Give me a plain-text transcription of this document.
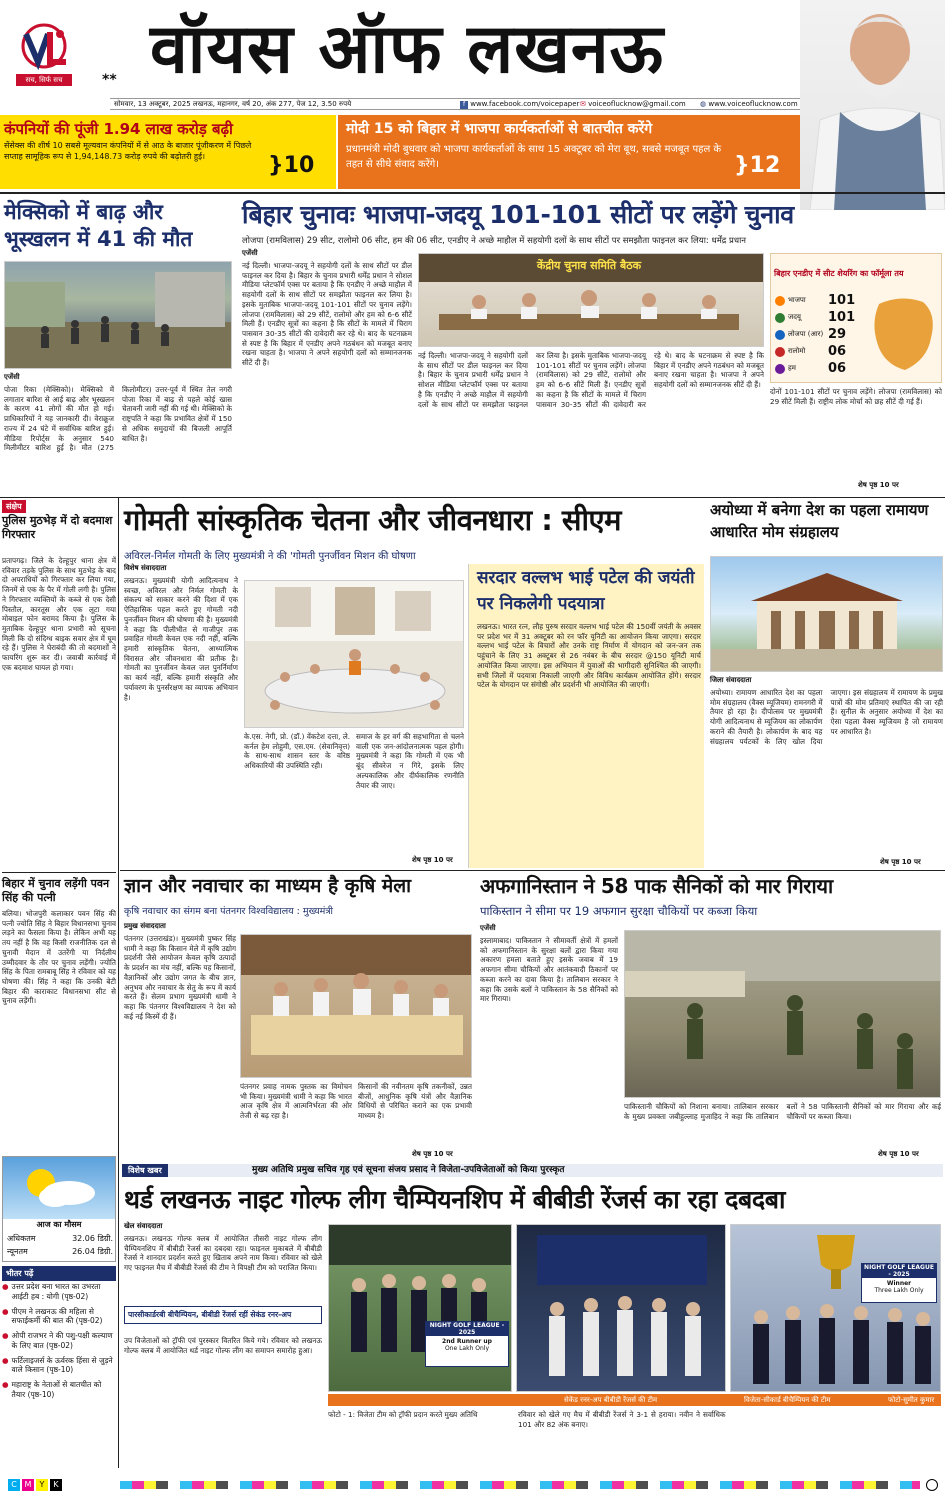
सच, सिर्फ सच	** वॉयस ऑफ लखनऊ
सोमवार, 13 अक्टूबर, 2025 लखनऊ, महानगर, वर्ष 20, अंक 277, पेज 12, 3.50 रुपये	f www.facebook.com/voicepaper ✉ voiceoflucknow@gmail.com ◍ www.voiceoflucknow.com
कंपनियों की पूंजी 1.94 लाख करोड़ बढ़ी
सेंसेक्स की शीर्ष 10 सबसे मूल्यवान कंपनियों में से आठ के बाजार पूंजीकरण में पिछले सप्ताह सामूहिक रूप से 1,94,148.73 करोड़ रुपये की बढ़ोतरी हुई।	}10
मोदी 15 को बिहार में भाजपा कार्यकर्ताओं से बातचीत करेंगे
प्रधानमंत्री मोदी बुधवार को भाजपा कार्यकर्ताओं के साथ 15 अक्टूबर को मेरा बूथ, सबसे मजबूत पहल के तहत से सीधे संवाद करेंगे।	}12
मेक्सिको में बाढ़ और भूस्खलन में 41 की मौत
एजेंसी
पोजा रिका (मेक्सिको)। मेक्सिको में लगातार बारिश से आई बाढ़ और भूस्खलन के कारण 41 लोगों की मौत हो गई। प्राधिकारियों ने यह जानकारी दी। वेराक्रूज राज्य में 24 घंटे में सर्वाधिक बारिश हुई। मीडिया रिपोर्ट्स के अनुसार 540 मिलीमीटर बारिश हुई है। मौत (275 किलोमीटर) उत्तर-पूर्व में स्थित तेल नगरी पोजा रिका में बाढ़ से पहले कोई खास चेतावनी जारी नहीं की गई थी। मेक्सिको के राष्ट्रपति ने कहा कि प्रभावित क्षेत्रों में 150 से अधिक समुदायों की बिजली आपूर्ति बाधित है।
बिहार चुनावः भाजपा-जदयू 101-101 सीटों पर लड़ेंगे चुनाव
लोजपा (रामविलास) 29 सीट, रालोमो 06 सीट, हम की 06 सीट, एनडीए ने अच्छे माहौल में सहयोगी दलों के साथ सीटों पर समझौता फाइनल कर लिया: धर्मेंद्र प्रधान
एजेंसी
केंद्रीय चुनाव समिति बैठक
नई दिल्ली। भाजपा-जदयू ने सहयोगी दलों के साथ सीटों पर डील फाइनल कर दिया है। बिहार के चुनाव प्रभारी धर्मेंद्र प्रधान ने सोशल मीडिया प्लेटफॉर्म एक्स पर बताया है कि एनडीए ने अच्छे माहौल में सहयोगी दलों के साथ सीटों पर समझौता फाइनल कर लिया है। इसके मुताबिक भाजपा-जदयू 101-101 सीटों पर चुनाव लड़ेंगे। लोजपा (रामविलास) को 29 सीटें, रालोमो और हम को 6-6 सीटें मिली हैं। एनडीए सूत्रों का कहना है कि सीटों के मामले में चिराग पासवान 30-35 सीटों की दावेदारी कर रहे थे। बाद के घटनाक्रम से स्पष्ट है कि बिहार में एनडीए अपने गठबंधन को मजबूत बनाए रखना चाहता है। भाजपा ने अपने सहयोगी दलों को सम्मानजनक सीटें दी हैं।
नई दिल्ली। भाजपा-जदयू ने सहयोगी दलों के साथ सीटों पर डील फाइनल कर दिया है। बिहार के चुनाव प्रभारी धर्मेंद्र प्रधान ने सोशल मीडिया प्लेटफॉर्म एक्स पर बताया है कि एनडीए ने अच्छे माहौल में सहयोगी दलों के साथ सीटों पर समझौता फाइनल कर लिया है। इसके मुताबिक भाजपा-जदयू 101-101 सीटों पर चुनाव लड़ेंगे। लोजपा (रामविलास) को 29 सीटें, रालोमो और हम को 6-6 सीटें मिली हैं। एनडीए सूत्रों का कहना है कि सीटों के मामले में चिराग पासवान 30-35 सीटों की दावेदारी कर रहे थे। बाद के घटनाक्रम से स्पष्ट है कि बिहार में एनडीए अपने गठबंधन को मजबूत बनाए रखना चाहता है। भाजपा ने अपने सहयोगी दलों को सम्मानजनक सीटें दी हैं।
बिहार एनडीए में सीट शेयरिंग का फॉर्मूला तय
भाजपा	101
जदयू	101
लोजपा (आर) 29
रालोमो	06
हम	06
दोनों 101-101 सीटों पर चुनाव लड़ेंगे। लोजपा (रामविलास) को 29 सीटें मिली हैं। राष्ट्रीय लोक मोर्चा को छह सीटें दी गई हैं।
शेष पृष्ठ 10 पर
संक्षेप
पुलिस मुठभेड़ में दो बदमाश गिरफ्तार
प्रतापगढ़। जिले के देल्हूपुर थाना क्षेत्र में रविवार तड़के पुलिस के साथ मुठभेड़ के बाद दो अपराधियों को गिरफ्तार कर लिया गया, जिनमें से एक के पैर में गोली लगी है। पुलिस ने गिरफ्तार व्यक्तियों के कब्जे से एक देसी पिस्तौल, कारतूस और एक लूटा गया मोबाइल फोन बरामद किया है। पुलिस के मुताबिक देल्हूपुर थाना प्रभारी को सूचना मिली कि दो संदिग्ध बाइक सवार क्षेत्र में घूम रहे हैं। पुलिस ने घेराबंदी की तो बदमाशों ने फायरिंग शुरू कर दी। जवाबी कार्रवाई में एक बदमाश घायल हो गया।
बिहार में चुनाव लड़ेंगी पवन सिंह की पत्नी
बलिया। भोजपुरी कलाकार पवन सिंह की पत्नी ज्योति सिंह ने बिहार विधानसभा चुनाव लड़ने का फैसला किया है। लेकिन अभी यह तय नहीं है कि वह किसी राजनीतिक दल से चुनावी मैदान में उतरेंगी या निर्दलीय उम्मीदवार के तौर पर चुनाव लड़ेंगी। ज्योति सिंह के पिता रामबाबू सिंह ने रविवार को यह घोषणा की। सिंह ने कहा कि उनकी बेटी बिहार की काराकाट विधानसभा सीट से चुनाव लड़ेंगी।
आज का मौसम
अधिकतम	32.06 डिग्री.
न्यूनतम	26.04 डिग्री.
भीतर पढ़ें
● उत्तर प्रदेश बना भारत का उभरता आईटी हब : योगी (पृष्ठ-02)
● पीएम ने लखनऊ की महिला से सफाईकर्मी की बात की (पृष्ठ-02)
● ओपी राजभर ने की पशु-पक्षी कल्याण के लिए बात (पृष्ठ-02)
● फर्टिलाइजर्स के ऊर्वरक हिंसा से जुड़ने वाले किसान (पृष्ठ-10)
● महाराष्ट्र के नेताओं से बातचीत को तैयार (पृष्ठ-10)
गोमती सांस्कृतिक चेतना और जीवनधारा : सीएम
अविरल-निर्मल गोमती के लिए मुख्यमंत्री ने की 'गोमती पुनर्जीवन मिशन की घोषणा
विशेष संवाददाता
लखनऊ। मुख्यमंत्री योगी आदित्यनाथ ने स्वच्छ, अविरल और निर्मल गोमती के संकल्प को साकार करने की दिशा में एक ऐतिहासिक पहल करते हुए गोमती नदी पुनर्जीवन मिशन की घोषणा की है। मुख्यमंत्री ने कहा कि पीलीभीत से गाजीपुर तक प्रवाहित गोमती केवल एक नदी नहीं, बल्कि हमारी सांस्कृतिक चेतना, आध्यात्मिक विरासत और जीवनधारा की प्रतीक है। गोमती का पुनर्जीवन केवल जल पुनर्निर्माण का कार्य नहीं, बल्कि हमारी संस्कृति और पर्यावरण के पुनर्संरक्षण का व्यापक अभियान है।
के.एस. नेगी, प्रो. (डॉ.) वेंकटेश दत्ता, ले. कर्नल हेम लोहुमी, एस.एम. (सेवानिवृत्त) के साथ-साथ शासन स्तर के वरिष्ठ अधिकारियों की उपस्थिति रही।
समाज के हर वर्ग की सहभागिता से चलने वाली एक जन-आंदोलनात्मक पहल होगी। मुख्यमंत्री ने कहा कि गोमती में एक भी बूंद सीवरेज न गिरे, इसके लिए अल्पकालिक और दीर्घकालिक रणनीति तैयार की जाए।
शेष पृष्ठ 10 पर
सरदार वल्लभ भाई पटेल की जयंती पर निकलेगी पदयात्रा
लखनऊ। भारत रत्न, लौह पुरुष सरदार वल्लभ भाई पटेल की 150वीं जयंती के अवसर पर प्रदेश भर में 31 अक्टूबर को रन फॉर यूनिटी का आयोजन किया जाएगा। सरदार वल्लभ भाई पटेल के विचारों और उनके राष्ट्र निर्माण में योगदान को जन-जन तक पहुंचाने के लिए 31 अक्टूबर से 26 नवंबर के बीच सरदार @150 यूनिटी मार्च आयोजित किया जाएगा। इस अभियान में युवाओं की भागीदारी सुनिश्चित की जाएगी। सभी जिलों में पदयात्रा निकाली जाएगी और विविध कार्यक्रम आयोजित होंगे। सरदार पटेल के योगदान पर संगोष्ठी और प्रदर्शनी भी आयोजित की जाएगी।
अयोध्या में बनेगा देश का पहला रामायण आधारित मोम संग्रहालय
जिला संवाददाता
अयोध्या। रामायण आधारित देश का पहला मोम संग्रहालय (वैक्स म्यूजियम) रामनगरी में तैयार हो रहा है। दीपोत्सव पर मुख्यमंत्री योगी आदित्यनाथ से म्यूजियम का लोकार्पण कराने की तैयारी है। लोकार्पण के बाद यह संग्रहालय पर्यटकों के लिए खोल दिया जाएगा। इस संग्रहालय में रामायण के प्रमुख पात्रों की मोम प्रतिमाएं स्थापित की जा रही हैं। सुनील के अनुसार अयोध्या में देश का ऐसा पहला वैक्स म्यूजियम है जो रामायण पर आधारित है।
शेष पृष्ठ 10 पर
ज्ञान और नवाचार का माध्यम है कृषि मेला
कृषि नवाचार का संगम बना पंतनगर विश्वविद्यालय : मुख्यमंत्री
प्रमुख संवाददाता
पंतनगर (उत्तराखंड)। मुख्यमंत्री पुष्कर सिंह धामी ने कहा कि किसान मेले में कृषि उद्योग प्रदर्शनी जैसे आयोजन केवल कृषि उत्पादों के प्रदर्शन का मंच नहीं, बल्कि यह किसानों, वैज्ञानिकों और उद्योग जगत के बीच ज्ञान, अनुभव और नवाचार के सेतु के रूप में कार्य करते हैं। सेलम प्रभाग मुख्यमंत्री धामी ने कहा कि पंतनगर विश्वविद्यालय ने देश को कई नई किस्में दी हैं।
पंतनगर प्रवाह नामक पुस्तक का विमोचन भी किया। मुख्यमंत्री धामी ने कहा कि भारत आज कृषि क्षेत्र में आत्मनिर्भरता की ओर तेजी से बढ़ रहा है।
किसानों की नवीनतम कृषि तकनीकों, उन्नत बीजों, आधुनिक कृषि यंत्रों और वैज्ञानिक विधियों से परिचित कराने का एक प्रभावी माध्यम है।
शेष पृष्ठ 10 पर
अफगानिस्तान ने 58 पाक सैनिकों को मार गिराया
पाकिस्तान ने सीमा पर 19 अफगान सुरक्षा चौकियों पर कब्जा किया
एजेंसी
इस्लामाबाद। पाकिस्तान ने सीमावर्ती क्षेत्रों में हमलों को अफगानिस्तान के सुरक्षा बलों द्वारा किया गया अकारण हमला बताते हुए इसके जवाब में 19 अफगान सीमा चौकियों और आतंकवादी ठिकानों पर कब्जा करने का दावा किया है। तालिबान सरकार ने कहा कि उसके बलों ने पाकिस्तान के 58 सैनिकों को मार गिराया।
पाकिस्तानी चौकियों को निशाना बनाया। तालिबान सरकार के मुख्य प्रवक्ता जबीहुल्लाह मुजाहिद ने कहा कि तालिबान बलों ने 58 पाकिस्तानी सैनिकों को मार गिराया और कई चौकियों पर कब्जा किया।
शेष पृष्ठ 10 पर
विशेष खबर	मुख्य अतिथि प्रमुख सचिव गृह एवं सूचना संजय प्रसाद ने विजेता-उपविजेताओं को किया पुरस्कृत
थर्ड लखनऊ नाइट गोल्फ लीग चैम्पियनशिप में बीबीडी रेंजर्स का रहा दबदबा
खेल संवाददाता
लखनऊ। लखनऊ गोल्फ क्लब में आयोजित तीसरी नाइट गोल्फ लीग चैम्पियनशिप में बीबीडी रेंजर्स का दबदबा रहा। फाइनल मुकाबले में बीबीडी रेंजर्स ने शानदार प्रदर्शन करते हुए खिताब अपने नाम किया। रविवार को खेले गए फाइनल मैच में बीबीडी रेंजर्स की टीम ने विपक्षी टीम को पराजित किया।
पारसीकार्डरबी बीचैम्पियन, बीबीडी रेंजर्स रहीं सेकंड रनर-अप
उप विजेताओं को ट्रॉफी एवं पुरस्कार वितरित किये गये। रविवार को लखनऊ गोल्फ क्लब में आयोजित थर्ड नाइट गोल्फ लीग का समापन समारोह हुआ।
NIGHT GOLF LEAGUE - 2025
2nd Runner up
One Lakh Only
NIGHT GOLF LEAGUE - 2025
Winner
Three Lakh Only
सेकेंड रनर-अप बीबीडी रेंजर्स की टीम	विजेता-सीकार्ड बीचैम्पियन की टीम	फोटो-सुमीत कुमार
फोटो - 1: विजेता टीम को ट्रॉफी प्रदान करते मुख्य अतिथि	रविवार को खेले गए मैच में बीबीडी रेंजर्स ने 3-1 से हराया। नवीन ने सर्वाधिक 101 और 82 अंक बनाए।
C M	Y	K
